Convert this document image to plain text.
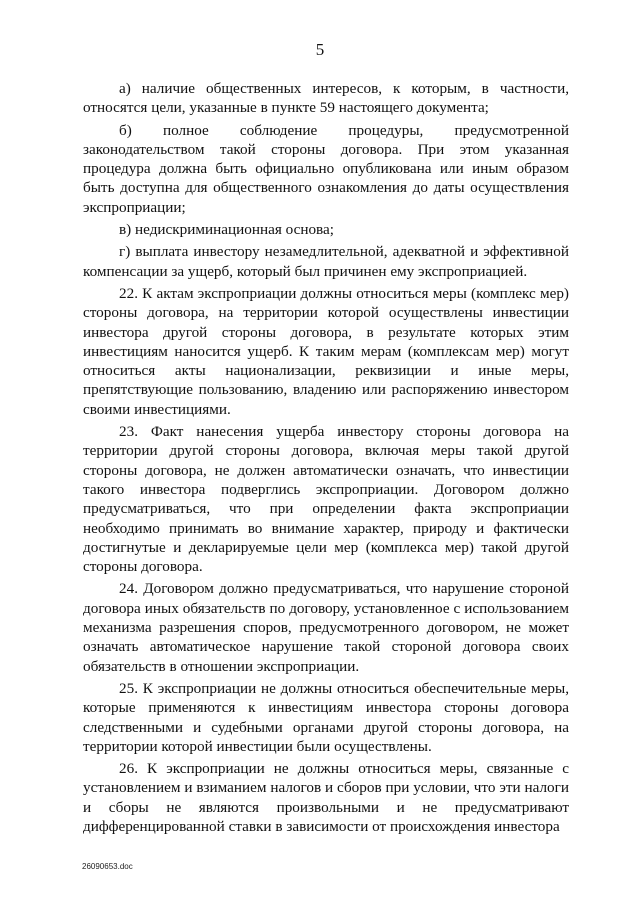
5

а) наличие общественных интересов, к которым, в частности, относятся цели, указанные в пункте 59 настоящего документа;

б) полное соблюдение процедуры, предусмотренной законодательством такой стороны договора. При этом указанная процедура должна быть официально опубликована или иным образом быть доступна для общественного ознакомления до даты осуществления экспроприации;

в) недискриминационная основа;

г) выплата инвестору незамедлительной, адекватной и эффективной компенсации за ущерб, который был причинен ему экспроприацией.

22. К актам экспроприации должны относиться меры (комплекс мер) стороны договора, на территории которой осуществлены инвестиции инвестора другой стороны договора, в результате которых этим инвестициям наносится ущерб. К таким мерам (комплексам мер) могут относиться акты национализации, реквизиции и иные меры, препятствующие пользованию, владению или распоряжению инвестором своими инвестициями.

23. Факт нанесения ущерба инвестору стороны договора на территории другой стороны договора, включая меры такой другой стороны договора, не должен автоматически означать, что инвестиции такого инвестора подверглись экспроприации. Договором должно предусматриваться, что при определении факта экспроприации необходимо принимать во внимание характер, природу и фактически достигнутые и декларируемые цели мер (комплекса мер) такой другой стороны договора.

24. Договором должно предусматриваться, что нарушение стороной договора иных обязательств по договору, установленное с использованием механизма разрешения споров, предусмотренного договором, не может означать автоматическое нарушение такой стороной договора своих обязательств в отношении экспроприации.

25. К экспроприации не должны относиться обеспечительные меры, которые применяются к инвестициям инвестора стороны договора следственными и судебными органами другой стороны договора, на территории которой инвестиции были осуществлены.

26. К экспроприации не должны относиться меры, связанные с установлением и взиманием налогов и сборов при условии, что эти налоги и сборы не являются произвольными и не предусматривают дифференцированной ставки в зависимости от происхождения инвестора

26090653.doc
